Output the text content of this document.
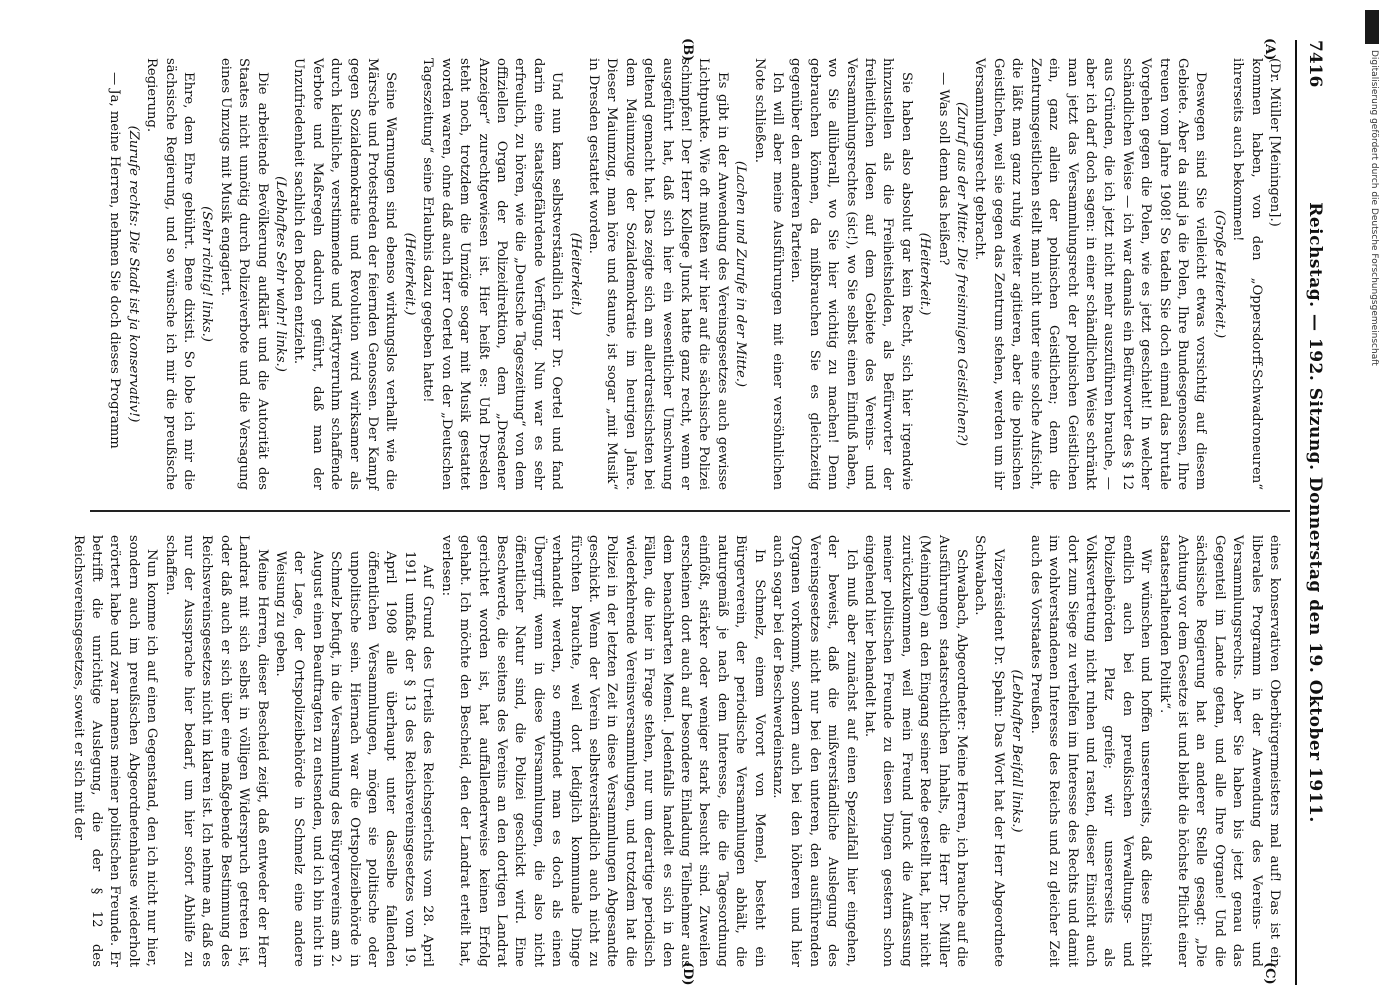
Digitalisierung gefördert durch die Deutsche Forschungsgemeinschaft
7416
Reichstag. — 192. Sitzung. Donnerstag den 19. Oktober 1911.
(A)
(B)
(C)
(D)

(Dr. Müller [Meiningen].)

kommen haben, von den „Oppersdorff-Schwadroneuren“ ihrerseits auch bekommen!

(Große Heiterkeit.)

Deswegen sind Sie vielleicht etwas vorsichtig auf diesem Gebiete. Aber da sind ja die Polen, Ihre Bundesgenossen, Ihre treuen vom Jahre 1908! So tadeln Sie doch einmal das brutale Vorgehen gegen die Polen, wie es jetzt geschieht! In welcher schändlichen Weise — ich war damals ein Befürworter des § 12 aus Gründen, die ich jetzt nicht mehr auszuführen brauche, — aber ich darf doch sagen: in einer schändlichen Weise schränkt man jetzt das Versammlungsrecht der polnischen Geistlichen ein, ganz allein der polnischen Geistlichen; denn die Zentrumsgeistlichen stellt man nicht unter eine solche Aufsicht, die läßt man ganz ruhig weiter agitieren, aber die polnischen Geistlichen, weil sie gegen das Zentrum stehen, werden um ihr Versammlungsrecht gebracht.

(Zuruf aus der Mitte: Die freisinnigen Geistlichen?)

— Was soll denn das heißen?

(Heiterkeit.)

Sie haben also absolut gar kein Recht, sich hier irgendwie hinzustellen als die Freiheitshelden, als Befürworter der freiheitlichen Ideen auf dem Gebiete des Vereins- und Versammlungsrechtes (sic!), wo Sie selbst einen Einfluß haben, wo Sie allüberall, wo Sie hier wichtig zu machen! Denn gebrauchen können, da mißbrauchen Sie es gleichzeitig gegenüber den anderen Parteien.

Ich will aber meine Ausführungen mit einer versöhnlichen Note schließen.

(Lachen und Zurufe in der Mitte.)

Es gibt in der Anwendung des Vereinsgesetzes auch gewisse Lichtpunkte. Wie oft mußten wir hier auf die sächsische Polizei schimpfen! Der Herr Kollege Junck hatte ganz recht, wenn er ausgeführt hat, daß sich hier ein wesentlicher Umschwung geltend gemacht hat. Das zeigte sich am allerdrastischsten bei dem Maiumzuge der Sozialdemokratie im heurigen Jahre. Dieser Maiumzug, man höre und staune, ist sogar „mit Musik“ in Dresden gestattet worden.

(Heiterkeit.)

Und nun kam selbstverständlich Herr Dr. Oertel und fand darin eine staatsgefährdende Verfügung. Nun war es sehr erfreulich, zu hören, wie die „Deutsche Tageszeitung“ von dem offiziellen Organ der Polizeidirektion, dem „Dresdener Anzeiger“ zurechtgewiesen ist. Hier heißt es: Und Dresden steht noch, trotzdem die Umzüge sogar mit Musik gestattet worden waren, ohne daß auch Herr Oertel von der „Deutschen Tageszeitung“ seine Erlaubnis dazu gegeben hatte!

(Heiterkeit.)

Seine Warnungen sind ebenso wirkungslos verhallt wie die Märsche und Protestreden der feiernden Genossen. Der Kampf gegen Sozialdemokratie und Revolution wird wirksamer als durch kleinliche, verstimmende und Märtyrerruhm schaffende Verbote und Maßregeln dadurch geführt, daß man der Unzufriedenheit sachlich den Boden entzieht.

(Lebhaftes Sehr wahr! links.)

Die arbeitende Bevölkerung aufklärt und die Autorität des Staates nicht unnötig durch Polizeiverbote und die Versagung eines Umzugs mit Musik engagiert.

(Sehr richtig! links.)

Ehre, dem Ehre gebührt. Bene dixisti. So lobe ich mir die sächsische Regierung, und so wünsche ich mir die preußische Regierung.

(Zurufe rechts: Die Stadt ist ja konservativ!)

— Ja, meine Herren, nehmen Sie doch dieses Programm

eines konservativen Oberbürgermeisters mal auf! Das ist ein liberales Programm in der Anwendung des Vereins- und Versammlungsrechts. Aber Sie haben bis jetzt genau das Gegenteil im Lande getan, und alle Ihre Organe! Und die sächsische Regierung hat an anderer Stelle gesagt: „Die Achtung vor dem Gesetze ist und bleibt die höchste Pflicht einer staatserhaltenden Politik“.

Wir wünschen und hoffen unsererseits, daß diese Einsicht endlich auch bei den preußischen Verwaltungs- und Polizeibehörden Platz greife; wir unsererseits als Volksvertretung nicht ruhen und rasten, dieser Einsicht auch dort zum Siege zu verhelfen im Interesse des Rechts und damit im wohlverstandenen Interesse des Reichs und zu gleicher Zeit auch des Vorstaates Preußen.

(Lebhafter Beifall links.)

Vizepräsident Dr. Spahn: Das Wort hat der Herr Abgeordnete Schwabach.

Schwabach, Abgeordneter: Meine Herren, ich brauche auf die Ausführungen staatsrechtlichen Inhalts, die Herr Dr. Müller (Meiningen) an den Eingang seiner Rede gestellt hat, hier nicht zurückzukommen, weil mein Freund Junck die Auffassung meiner politischen Freunde zu diesen Dingen gestern schon eingehend hier behandelt hat.

Ich muß aber zunächst auf einen Spezialfall hier eingehen, der beweist, daß die mißverständliche Auslegung des Vereinsgesetzes nicht nur bei den unteren, den ausführenden Organen vorkommt, sondern auch bei den höheren und hier auch sogar bei der Beschwerdeinstanz.

In Schmelz, einem Vorort von Memel, besteht ein Bürgerverein, der periodische Versammlungen abhält, die naturgemäß je nach dem Interesse, die die Tagesordnung einflößt, stärker oder weniger stark besucht sind. Zuweilen erscheinen dort auch auf besondere Einladung Teilnehmer aus dem benachbarten Memel. Jedenfalls handelt es sich in den Fällen, die hier in Frage stehen, nur um derartige periodisch wiederkehrende Vereinsversammlungen, und trotzdem hat die Polizei in der letzten Zeit in diese Versammlungen Abgesandte geschickt. Wenn der Verein selbstverständlich auch nicht zu fürchten brauchte, weil dort lediglich kommunale Dinge verhandelt werden, so empfindet man es doch als einen Übergriff, wenn in diese Versammlungen, die also nicht öffentlicher Natur sind, die Polizei geschickt wird. Eine Beschwerde, die seitens des Vereins an den dortigen Landrat gerichtet worden ist, hat auffallenderweise keinen Erfolg gehabt. Ich möchte den Bescheid, den der Landrat erteilt hat, verlesen:

Auf Grund des Urteils des Reichsgerichts vom 28. April 1911 umfaßt der § 13 des Reichsvereinsgesetzes vom 19. April 1908 alle überhaupt unter dasselbe fallenden öffentlichen Versammlungen, mögen sie politische oder unpolitische sein. Hiernach war die Ortspolizeibehörde in Schmelz befugt, in die Versammlung des Bürgervereins am 2. August einen Beauftragten zu entsenden, und ich bin nicht in der Lage, der Ortspolizeibehörde in Schmelz eine andere Weisung zu geben.

Meine Herren, dieser Bescheid zeigt, daß entweder der Herr Landrat mit sich selbst in völligen Widerspruch getreten ist, oder daß auch er sich über eine maßgebende Bestimmung des Reichsvereinsgesetzes nicht im klaren ist. Ich nehme an, daß es nur der Aussprache hier bedarf, um hier sofort Abhilfe zu schaffen.

Nun komme ich auf einen Gegenstand, den ich nicht nur hier, sondern auch im preußischen Abgeordnetenhause wiederholt erörtert habe und zwar namens meiner politischen Freunde. Er betrifft die unrichtige Auslegung, die der § 12 des Reichsvereinsgesetzes, soweit er sich mit der
